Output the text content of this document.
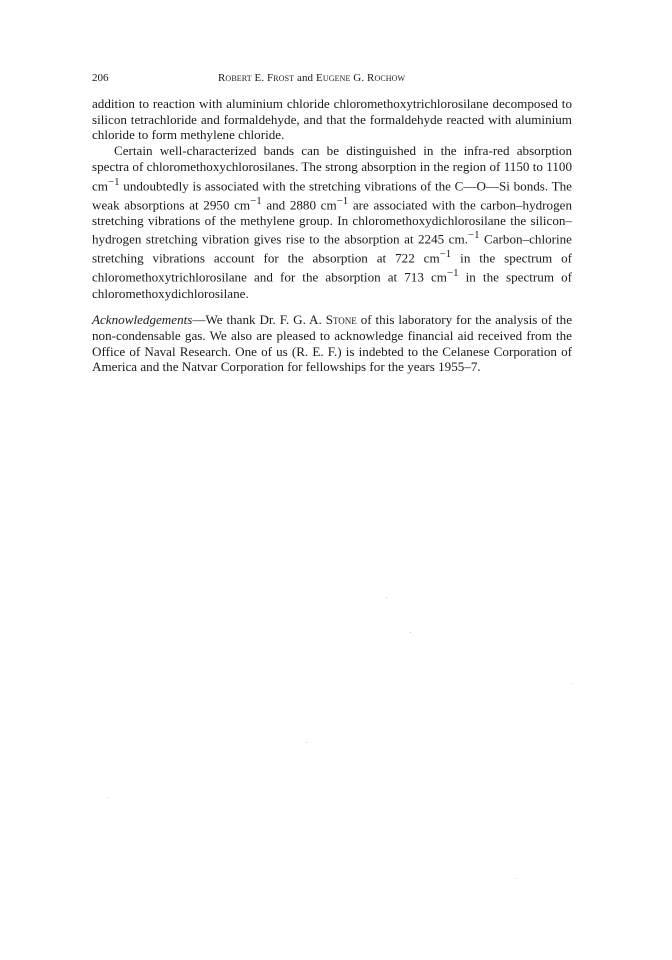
206	Robert E. Frost and Eugene G. Rochow

addition to reaction with aluminium chloride chloromethoxytrichlorosilane decomposed to silicon tetrachloride and formaldehyde, and that the formaldehyde reacted with aluminium chloride to form methylene chloride.

Certain well-characterized bands can be distinguished in the infra-red absorption spectra of chloromethoxychlorosilanes. The strong absorption in the region of 1150 to 1100 $cm^{-1}$ undoubtedly is associated with the stretching vibrations of the C—O—Si bonds. The weak absorptions at 2950 $cm^{-1}$ and 2880 $cm^{-1}$ are associated with the carbon–hydrogen stretching vibrations of the methylene group. In chloromethoxydichlorosilane the silicon–hydrogen stretching vibration gives rise to the absorption at 2245 cm.$^{-1}$ Carbon–chlorine stretching vibrations account for the absorption at 722 $cm^{-1}$ in the spectrum of chloromethoxytrichlorosilane and for the absorption at 713 $cm^{-1}$ in the spectrum of chloromethoxydichlorosilane.

Acknowledgements—We thank Dr. F. G. A. Stone of this laboratory for the analysis of the non-condensable gas. We also are pleased to acknowledge financial aid received from the Office of Naval Research. One of us (R. E. F.) is indebted to the Celanese Corporation of America and the Natvar Corporation for fellowships for the years 1955–7.
